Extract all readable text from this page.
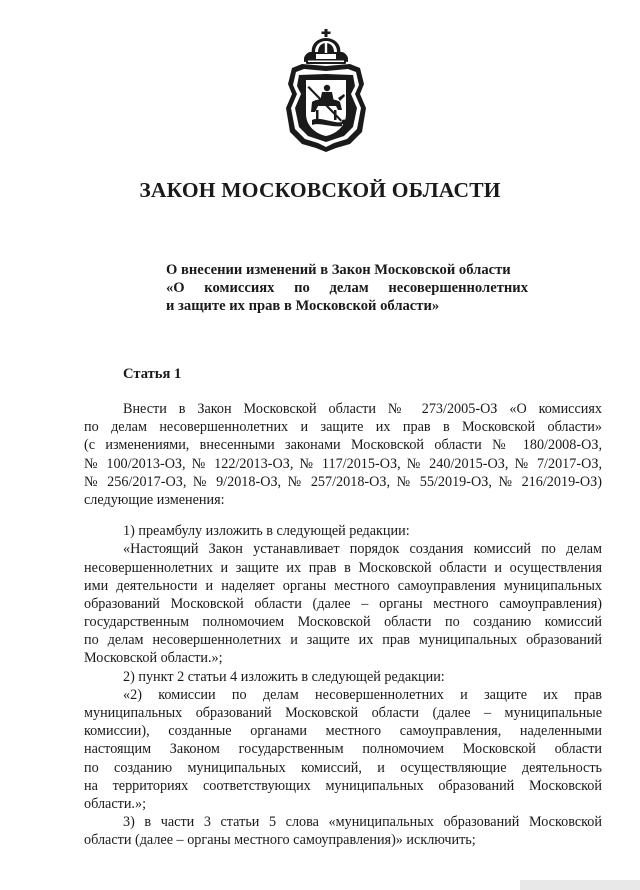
ЗАКОН МОСКОВСКОЙ ОБЛАСТИ
О внесении изменений в Закон Московской области
«О комиссиях по делам несовершеннолетних
и защите их прав в Московской области»
Статья 1
Внести в Закон Московской области № 273/2005-ОЗ «О комиссиях
по делам несовершеннолетних и защите их прав в Московской области»
(с изменениями, внесенными законами Московской области № 180/2008-ОЗ,
№ 100/2013-ОЗ, № 122/2013-ОЗ, № 117/2015-ОЗ, № 240/2015-ОЗ, № 7/2017-ОЗ,
№ 256/2017-ОЗ, № 9/2018-ОЗ, № 257/2018-ОЗ, № 55/2019-ОЗ, № 216/2019-ОЗ)
следующие изменения:
1) преамбулу изложить в следующей редакции:
«Настоящий Закон устанавливает порядок создания комиссий по делам
несовершеннолетних и защите их прав в Московской области и осуществления
ими деятельности и наделяет органы местного самоуправления муниципальных
образований Московской области (далее – органы местного самоуправления)
государственным полномочием Московской области по созданию комиссий
по делам несовершеннолетних и защите их прав муниципальных образований
Московской области.»;
2) пункт 2 статьи 4 изложить в следующей редакции:
«2) комиссии по делам несовершеннолетних и защите их прав
муниципальных образований Московской области (далее – муниципальные
комиссии), созданные органами местного самоуправления, наделенными
настоящим Законом государственным полномочием Московской области
по созданию муниципальных комиссий, и осуществляющие деятельность
на территориях соответствующих муниципальных образований Московской
области.»;
3) в части 3 статьи 5 слова «муниципальных образований Московской
области (далее – органы местного самоуправления)» исключить;
